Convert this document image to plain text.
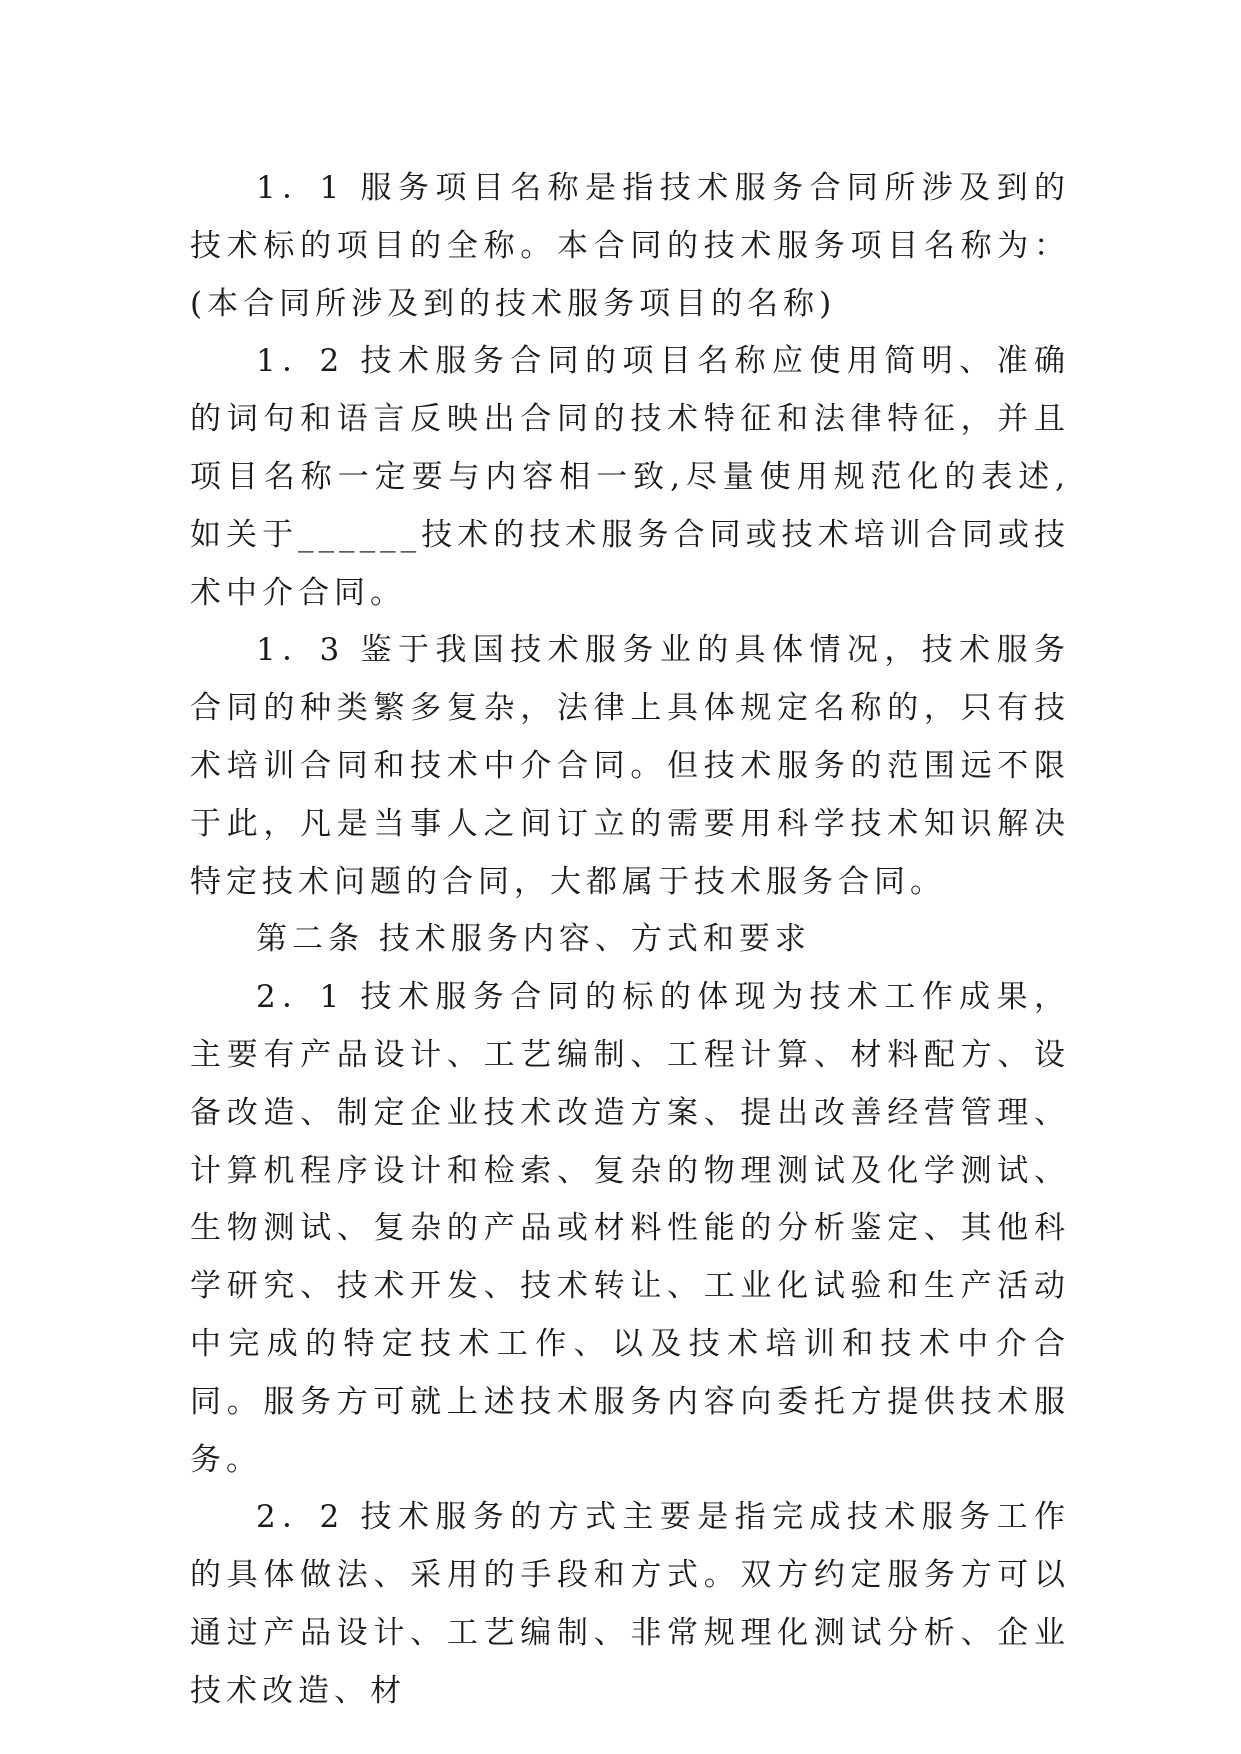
1．1 服务项目名称是指技术服务合同所涉及到的技术标的项目的全称。本合同的技术服务项目名称为：(本合同所涉及到的技术服务项目的名称)

1．2 技术服务合同的项目名称应使用简明、准确的词句和语言反映出合同的技术特征和法律特征，并且项目名称一定要与内容相一致,尽量使用规范化的表述,如关于______技术的技术服务合同或技术培训合同或技术中介合同。

1．3 鉴于我国技术服务业的具体情况，技术服务合同的种类繁多复杂，法律上具体规定名称的，只有技术培训合同和技术中介合同。但技术服务的范围远不限于此，凡是当事人之间订立的需要用科学技术知识解决特定技术问题的合同，大都属于技术服务合同。

第二条 技术服务内容、方式和要求

2．1 技术服务合同的标的体现为技术工作成果，主要有产品设计、工艺编制、工程计算、材料配方、设备改造、制定企业技术改造方案、提出改善经营管理、计算机程序设计和检索、复杂的物理测试及化学测试、生物测试、复杂的产品或材料性能的分析鉴定、其他科学研究、技术开发、技术转让、工业化试验和生产活动中完成的特定技术工作、以及技术培训和技术中介合同。服务方可就上述技术服务内容向委托方提供技术服务。

2．2 技术服务的方式主要是指完成技术服务工作的具体做法、采用的手段和方式。双方约定服务方可以通过产品设计、工艺编制、非常规理化测试分析、企业技术改造、材
